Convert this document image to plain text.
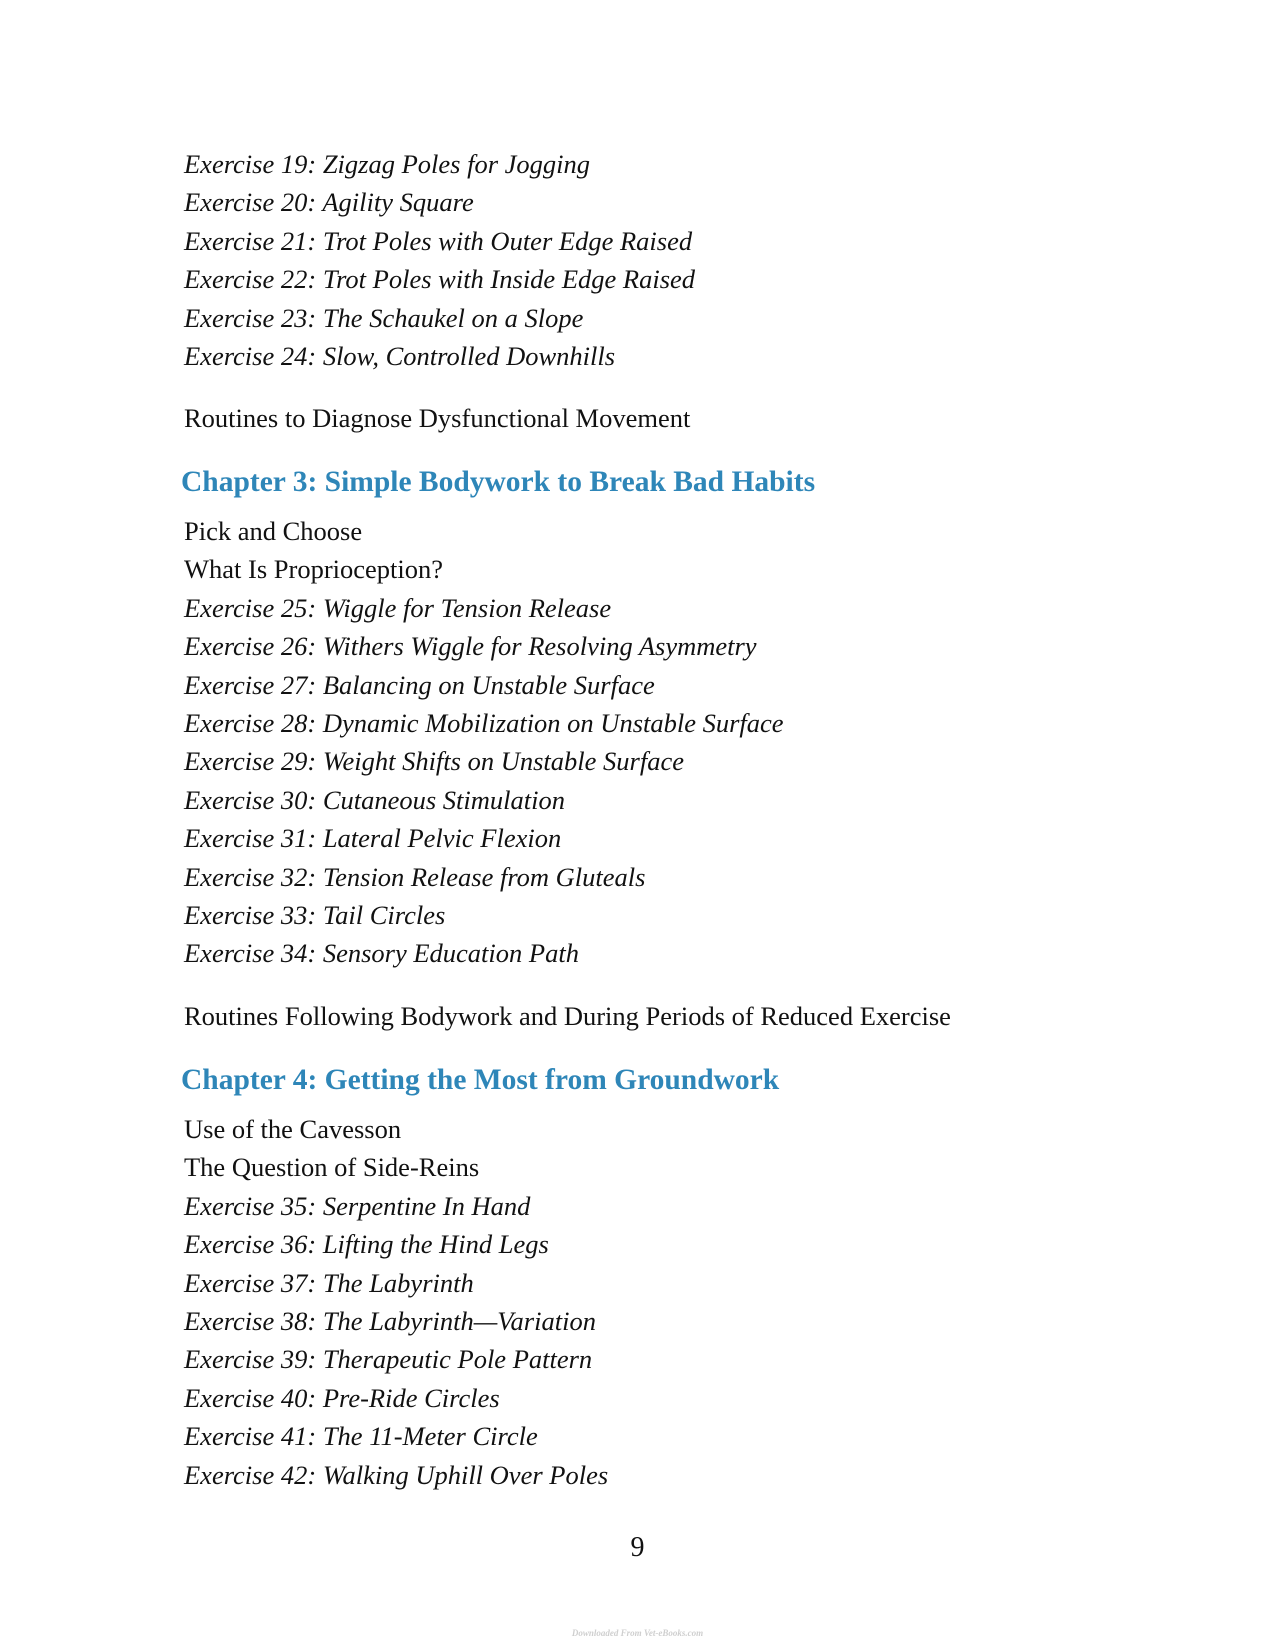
Exercise 19: Zigzag Poles for Jogging
Exercise 20: Agility Square
Exercise 21: Trot Poles with Outer Edge Raised
Exercise 22: Trot Poles with Inside Edge Raised
Exercise 23: The Schaukel on a Slope
Exercise 24: Slow, Controlled Downhills

Routines to Diagnose Dysfunctional Movement

Chapter 3: Simple Bodywork to Break Bad Habits
Pick and Choose
What Is Proprioception?
Exercise 25: Wiggle for Tension Release
Exercise 26: Withers Wiggle for Resolving Asymmetry
Exercise 27: Balancing on Unstable Surface
Exercise 28: Dynamic Mobilization on Unstable Surface
Exercise 29: Weight Shifts on Unstable Surface
Exercise 30: Cutaneous Stimulation
Exercise 31: Lateral Pelvic Flexion
Exercise 32: Tension Release from Gluteals
Exercise 33: Tail Circles
Exercise 34: Sensory Education Path

Routines Following Bodywork and During Periods of Reduced Exercise

Chapter 4: Getting the Most from Groundwork
Use of the Cavesson
The Question of Side-Reins
Exercise 35: Serpentine In Hand
Exercise 36: Lifting the Hind Legs
Exercise 37: The Labyrinth
Exercise 38: The Labyrinth—Variation
Exercise 39: Therapeutic Pole Pattern
Exercise 40: Pre-Ride Circles
Exercise 41: The 11-Meter Circle
Exercise 42: Walking Uphill Over Poles
9
Downloaded From Vet-eBooks.com
